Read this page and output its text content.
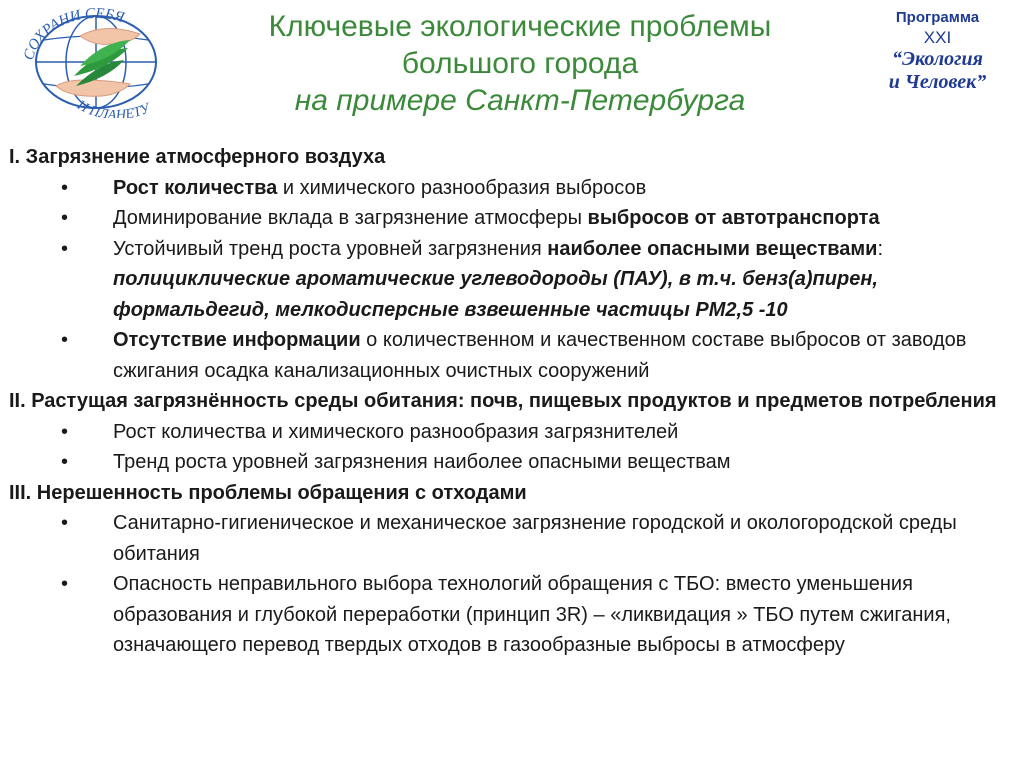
СОХРАНИ СЕБЯ
И ПЛАНЕТУ
Ключевые экологические проблемы
большого города
на примере Санкт-Петербурга
Программа
XXI
“Экология
и Человек”
I. Загрязнение атмосферного воздуха
• Рост количества и химического разнообразия выбросов
• Доминирование вклада в загрязнение атмосферы выбросов от автотранспорта
• Устойчивый тренд роста уровней загрязнения наиболее опасными веществами: полициклические ароматические углеводороды (ПАУ), в т.ч. бенз(а)пирен, формальдегид, мелкодисперсные взвешенные частицы РМ2,5 -10
• Отсутствие информации о количественном и качественном составе выбросов от заводов сжигания осадка канализационных очистных сооружений
II. Растущая загрязнённость среды обитания: почв, пищевых продуктов и предметов потребления
• Рост количества и химического разнообразия загрязнителей
• Тренд роста уровней загрязнения наиболее опасными веществам
III. Нерешенность проблемы обращения с отходами
• Санитарно-гигиеническое и механическое загрязнение городской и окологородской среды обитания
• Опасность неправильного выбора технологий обращения с ТБО: вместо уменьшения образования и глубокой переработки (принцип 3R) – «ликвидация » ТБО путем сжигания, означающего перевод твердых отходов в газообразные выбросы в атмосферу
